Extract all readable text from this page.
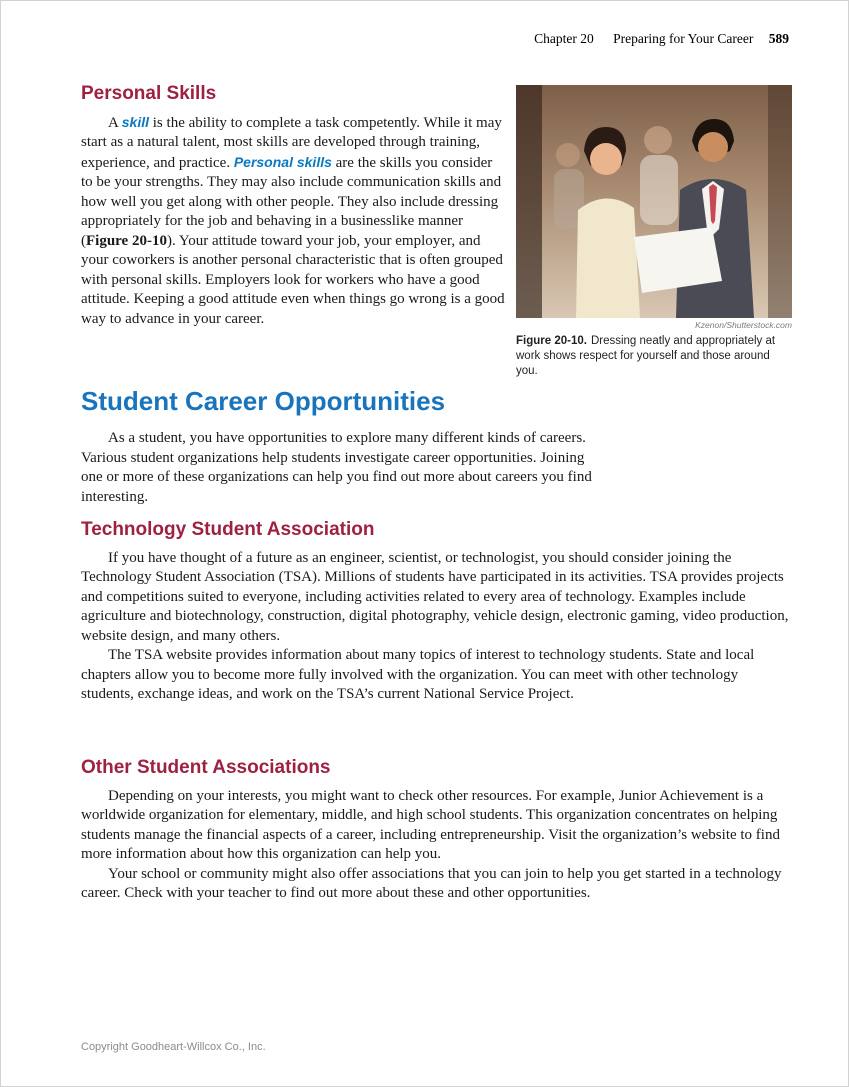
Chapter 20 Preparing for Your Career 589
Personal Skills

A skill is the ability to complete a task competently. While it may start as a natural talent, most skills are developed through training, experience, and practice. Personal skills are the skills you consider to be your strengths. They may also include communication skills and how well you get along with other people. They also include dressing appropriately for the job and behaving in a businesslike manner (Figure 20-10). Your attitude toward your job, your employer, and your coworkers is another personal characteristic that is often grouped with personal skills. Employers look for workers who have a good attitude. Keeping a good attitude even when things go wrong is a good way to advance in your career.	Kzenon/Shutterstock.com
Figure 20-10. Dressing neatly and appropriately at work shows respect for yourself and those around you.
Student Career Opportunities

As a student, you have opportunities to explore many different kinds of careers. Various student organizations help students investigate career opportunities. Joining one or more of these organizations can help you find out more about careers you find interesting.

Technology Student Association

If you have thought of a future as an engineer, scientist, or technologist, you should consider joining the Technology Student Association (TSA). Millions of students have participated in its activities. TSA provides projects and competitions suited to everyone, including activities related to every area of technology. Examples include agriculture and biotechnology, construction, digital photography, vehicle design, electronic gaming, video production, website design, and many others.

The TSA website provides information about many topics of interest to technology students. State and local chapters allow you to become more fully involved with the organization. You can meet with other technology students, exchange ideas, and work on the TSA’s current National Service Project.

Other Student Associations

Depending on your interests, you might want to check other resources. For example, Junior Achievement is a worldwide organization for elementary, middle, and high school students. This organization concentrates on helping students manage the financial aspects of a career, including entrepreneurship. Visit the organization’s website to find more information about how this organization can help you.

Your school or community might also offer associations that you can join to help you get started in a technology career. Check with your teacher to find out more about these and other opportunities.

Copyright Goodheart-Willcox Co., Inc.
